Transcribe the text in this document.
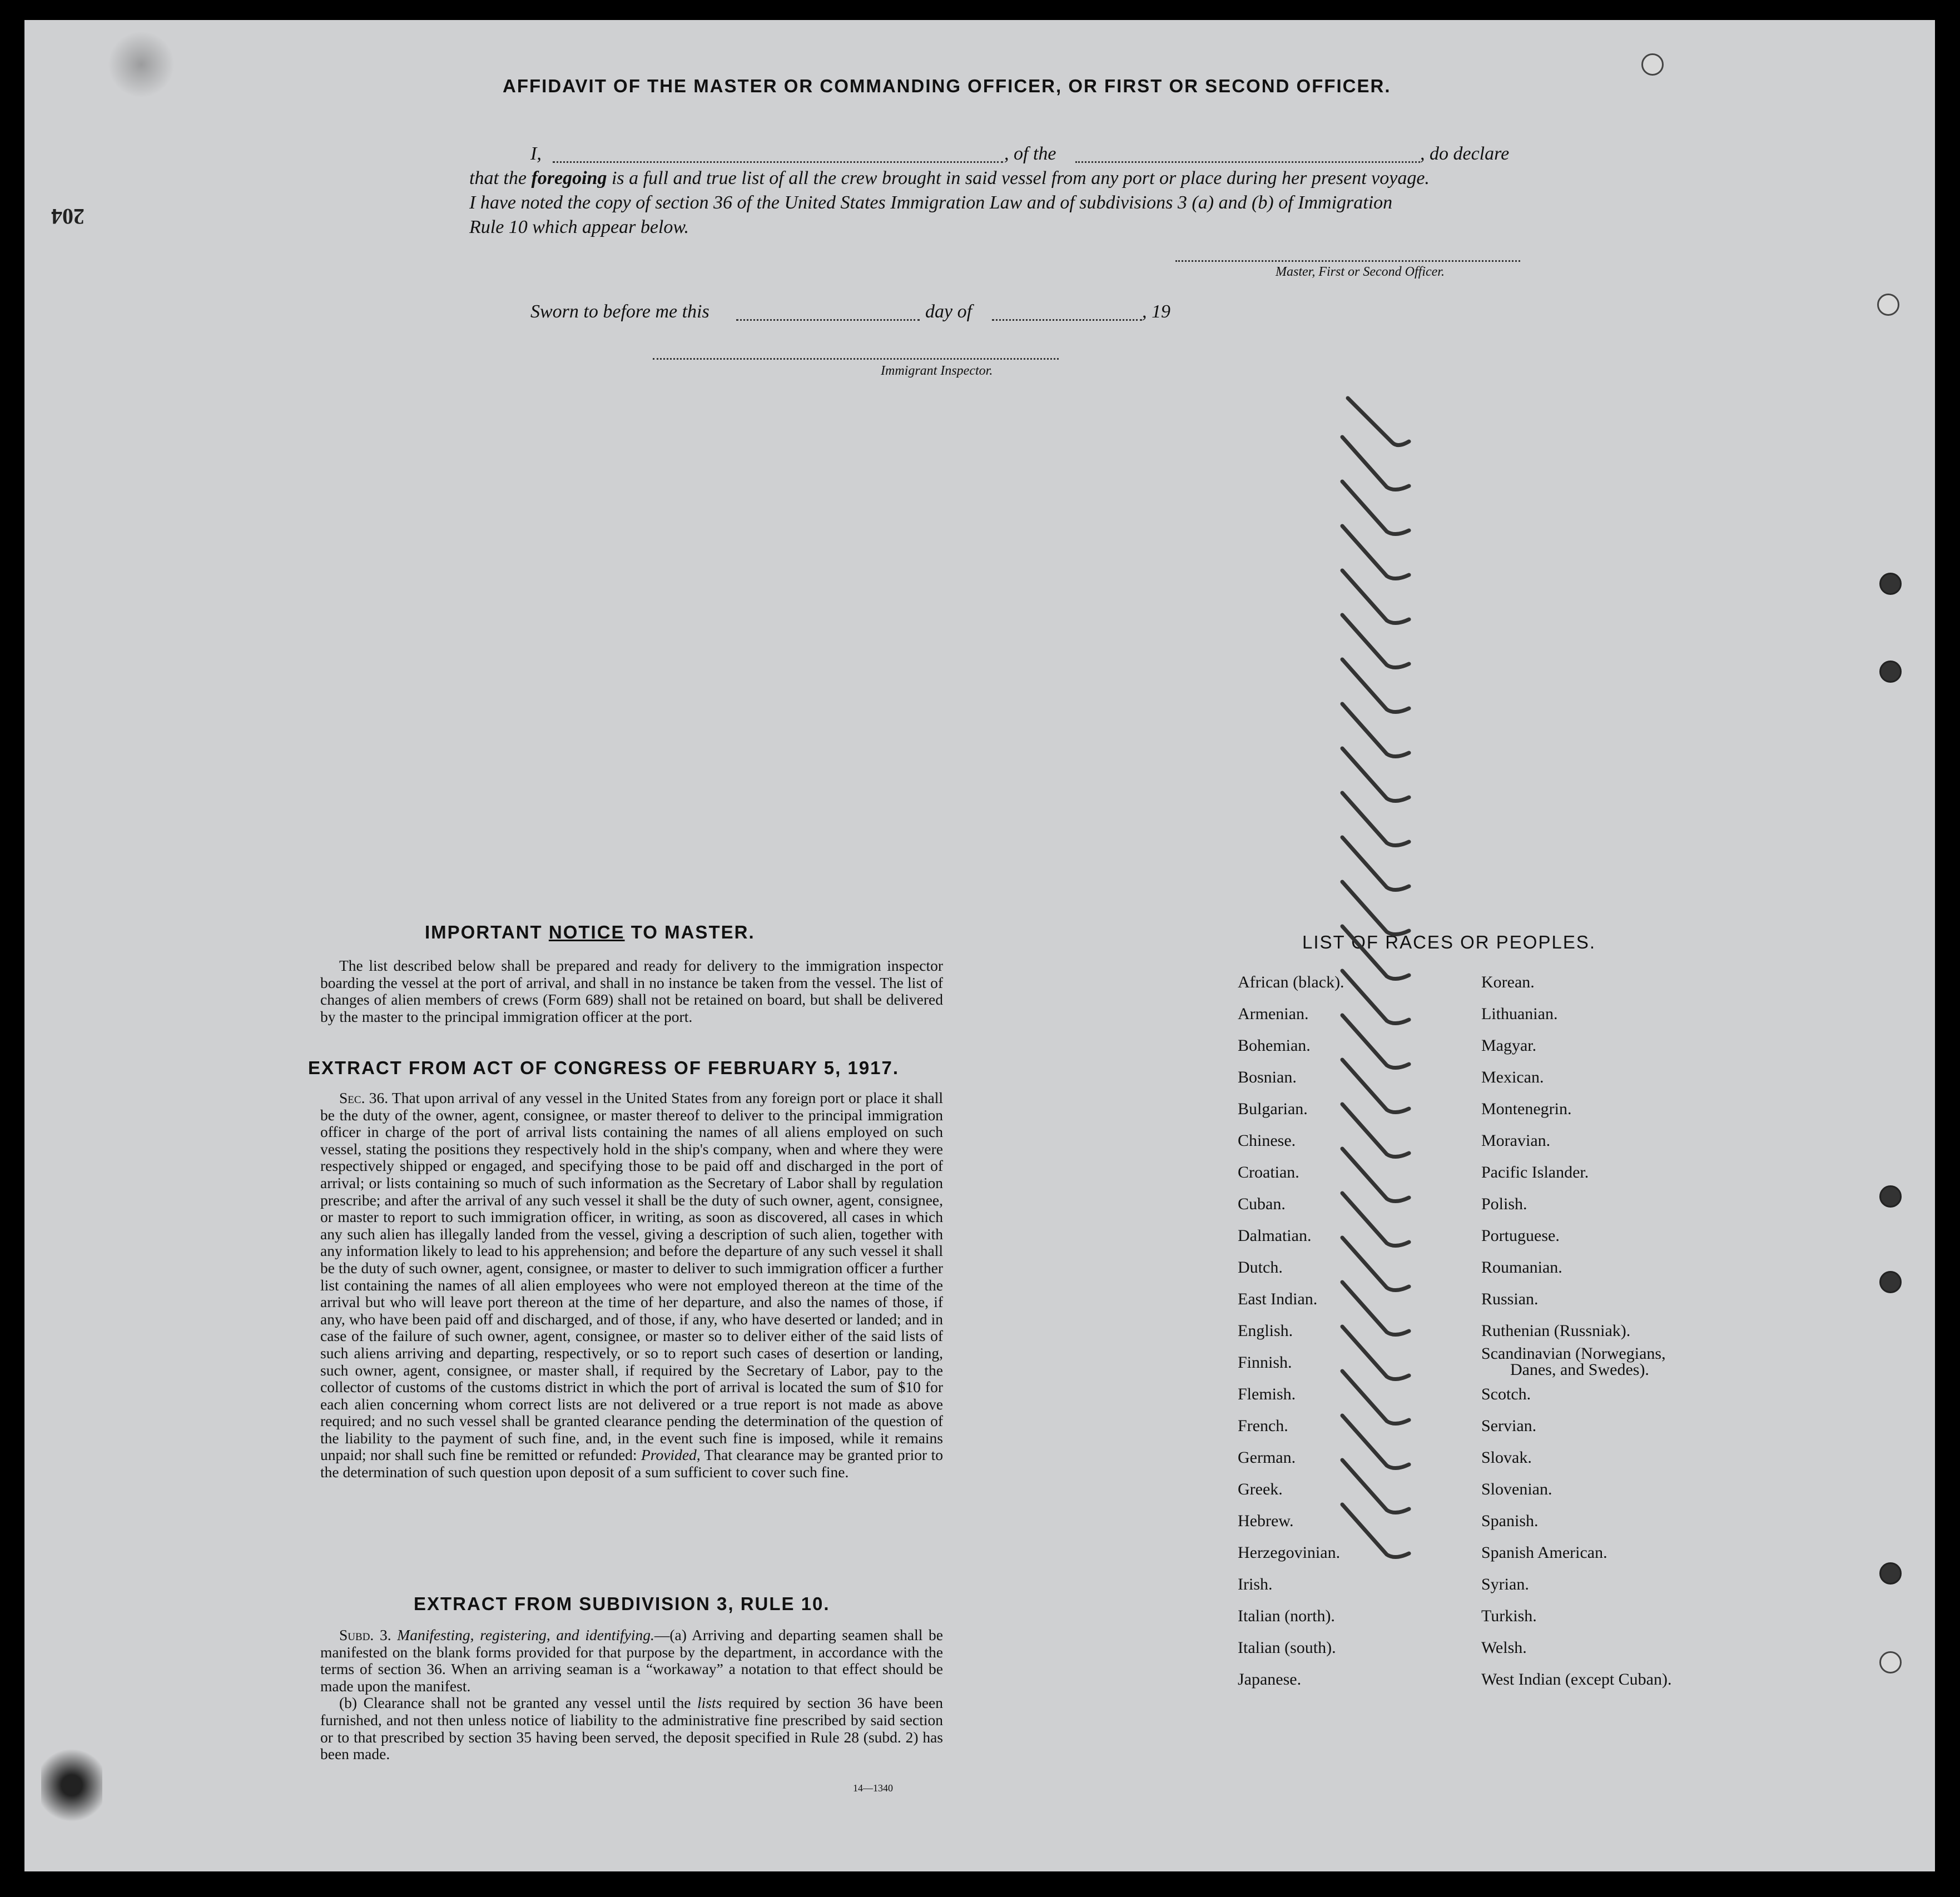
AFFIDAVIT OF THE MASTER OR COMMANDING OFFICER, OR FIRST OR SECOND OFFICER.
I,	, of the	, do declare
that the foregoing is a full and true list of all the crew brought in said vessel from any port or place during her present voyage.
I have noted the copy of section 36 of the United States Immigration Law and of subdivisions 3 (a) and (b) of Immigration
Rule 10 which appear below.
Master, First or Second Officer.
Sworn to before me this	day of	, 19
Immigrant Inspector.
IMPORTANT NOTICE TO MASTER.

The list described below shall be prepared and ready for delivery to the immigration inspector boarding the vessel at the port of arrival, and shall in no instance be taken from the vessel. The list of changes of alien members of crews (Form 689) shall not be retained on board, but shall be delivered by the master to the principal immigration officer at the port.

EXTRACT FROM ACT OF CONGRESS OF FEBRUARY 5, 1917.

Sec. 36. That upon arrival of any vessel in the United States from any foreign port or place it shall be the duty of the owner, agent, consignee, or master thereof to deliver to the principal immigration officer in charge of the port of arrival lists containing the names of all aliens employed on such vessel, stating the positions they respectively hold in the ship's company, when and where they were respectively shipped or engaged, and specifying those to be paid off and discharged in the port of arrival; or lists containing so much of such information as the Secretary of Labor shall by regulation prescribe; and after the arrival of any such vessel it shall be the duty of such owner, agent, consignee, or master to report to such immigration officer, in writing, as soon as discovered, all cases in which any such alien has illegally landed from the vessel, giving a description of such alien, together with any information likely to lead to his apprehension; and before the departure of any such vessel it shall be the duty of such owner, agent, consignee, or master to deliver to such immigration officer a further list containing the names of all alien employees who were not employed thereon at the time of the arrival but who will leave port thereon at the time of her departure, and also the names of those, if any, who have been paid off and discharged, and of those, if any, who have deserted or landed; and in case of the failure of such owner, agent, consignee, or master so to deliver either of the said lists of such aliens arriving and departing, respectively, or so to report such cases of desertion or landing, such owner, agent, consignee, or master shall, if required by the Secretary of Labor, pay to the collector of customs of the customs district in which the port of arrival is located the sum of $10 for each alien concerning whom correct lists are not delivered or a true report is not made as above required; and no such vessel shall be granted clearance pending the determination of the question of the liability to the payment of such fine, and, in the event such fine is imposed, while it remains unpaid; nor shall such fine be remitted or refunded: Provided, That clearance may be granted prior to the determination of such question upon deposit of a sum sufficient to cover such fine.

EXTRACT FROM SUBDIVISION 3, RULE 10.

Subd. 3. Manifesting, registering, and identifying.—(a) Arriving and departing seamen shall be manifested on the blank forms provided for that purpose by the department, in accordance with the terms of section 36. When an arriving seaman is a “workaway” a notation to that effect should be made upon the manifest.

(b) Clearance shall not be granted any vessel until the lists required by section 36 have been furnished, and not then unless notice of liability to the administrative fine prescribed by said section or to that prescribed by section 35 having been served, the deposit specified in Rule 28 (subd. 2) has been made.

14—1340
LIST OF RACES OR PEOPLES.
African (black).
Armenian.
Bohemian.
Bosnian.
Bulgarian.
Chinese.
Croatian.
Cuban.
Dalmatian.
Dutch.
East Indian.
English.
Finnish.
Flemish.
French.
German.
Greek.
Hebrew.
Herzegovinian.
Irish.
Italian (north).
Italian (south).
Japanese.
Korean.
Lithuanian.
Magyar.
Mexican.
Montenegrin.
Moravian.
Pacific Islander.
Polish.
Portuguese.
Roumanian.
Russian.
Ruthenian (Russniak).
Scandinavian (Norwegians,
Danes, and Swedes).
Scotch.
Servian.
Slovak.
Slovenian.
Spanish.
Spanish American.
Syrian.
Turkish.
Welsh.
West Indian (except Cuban).
204
